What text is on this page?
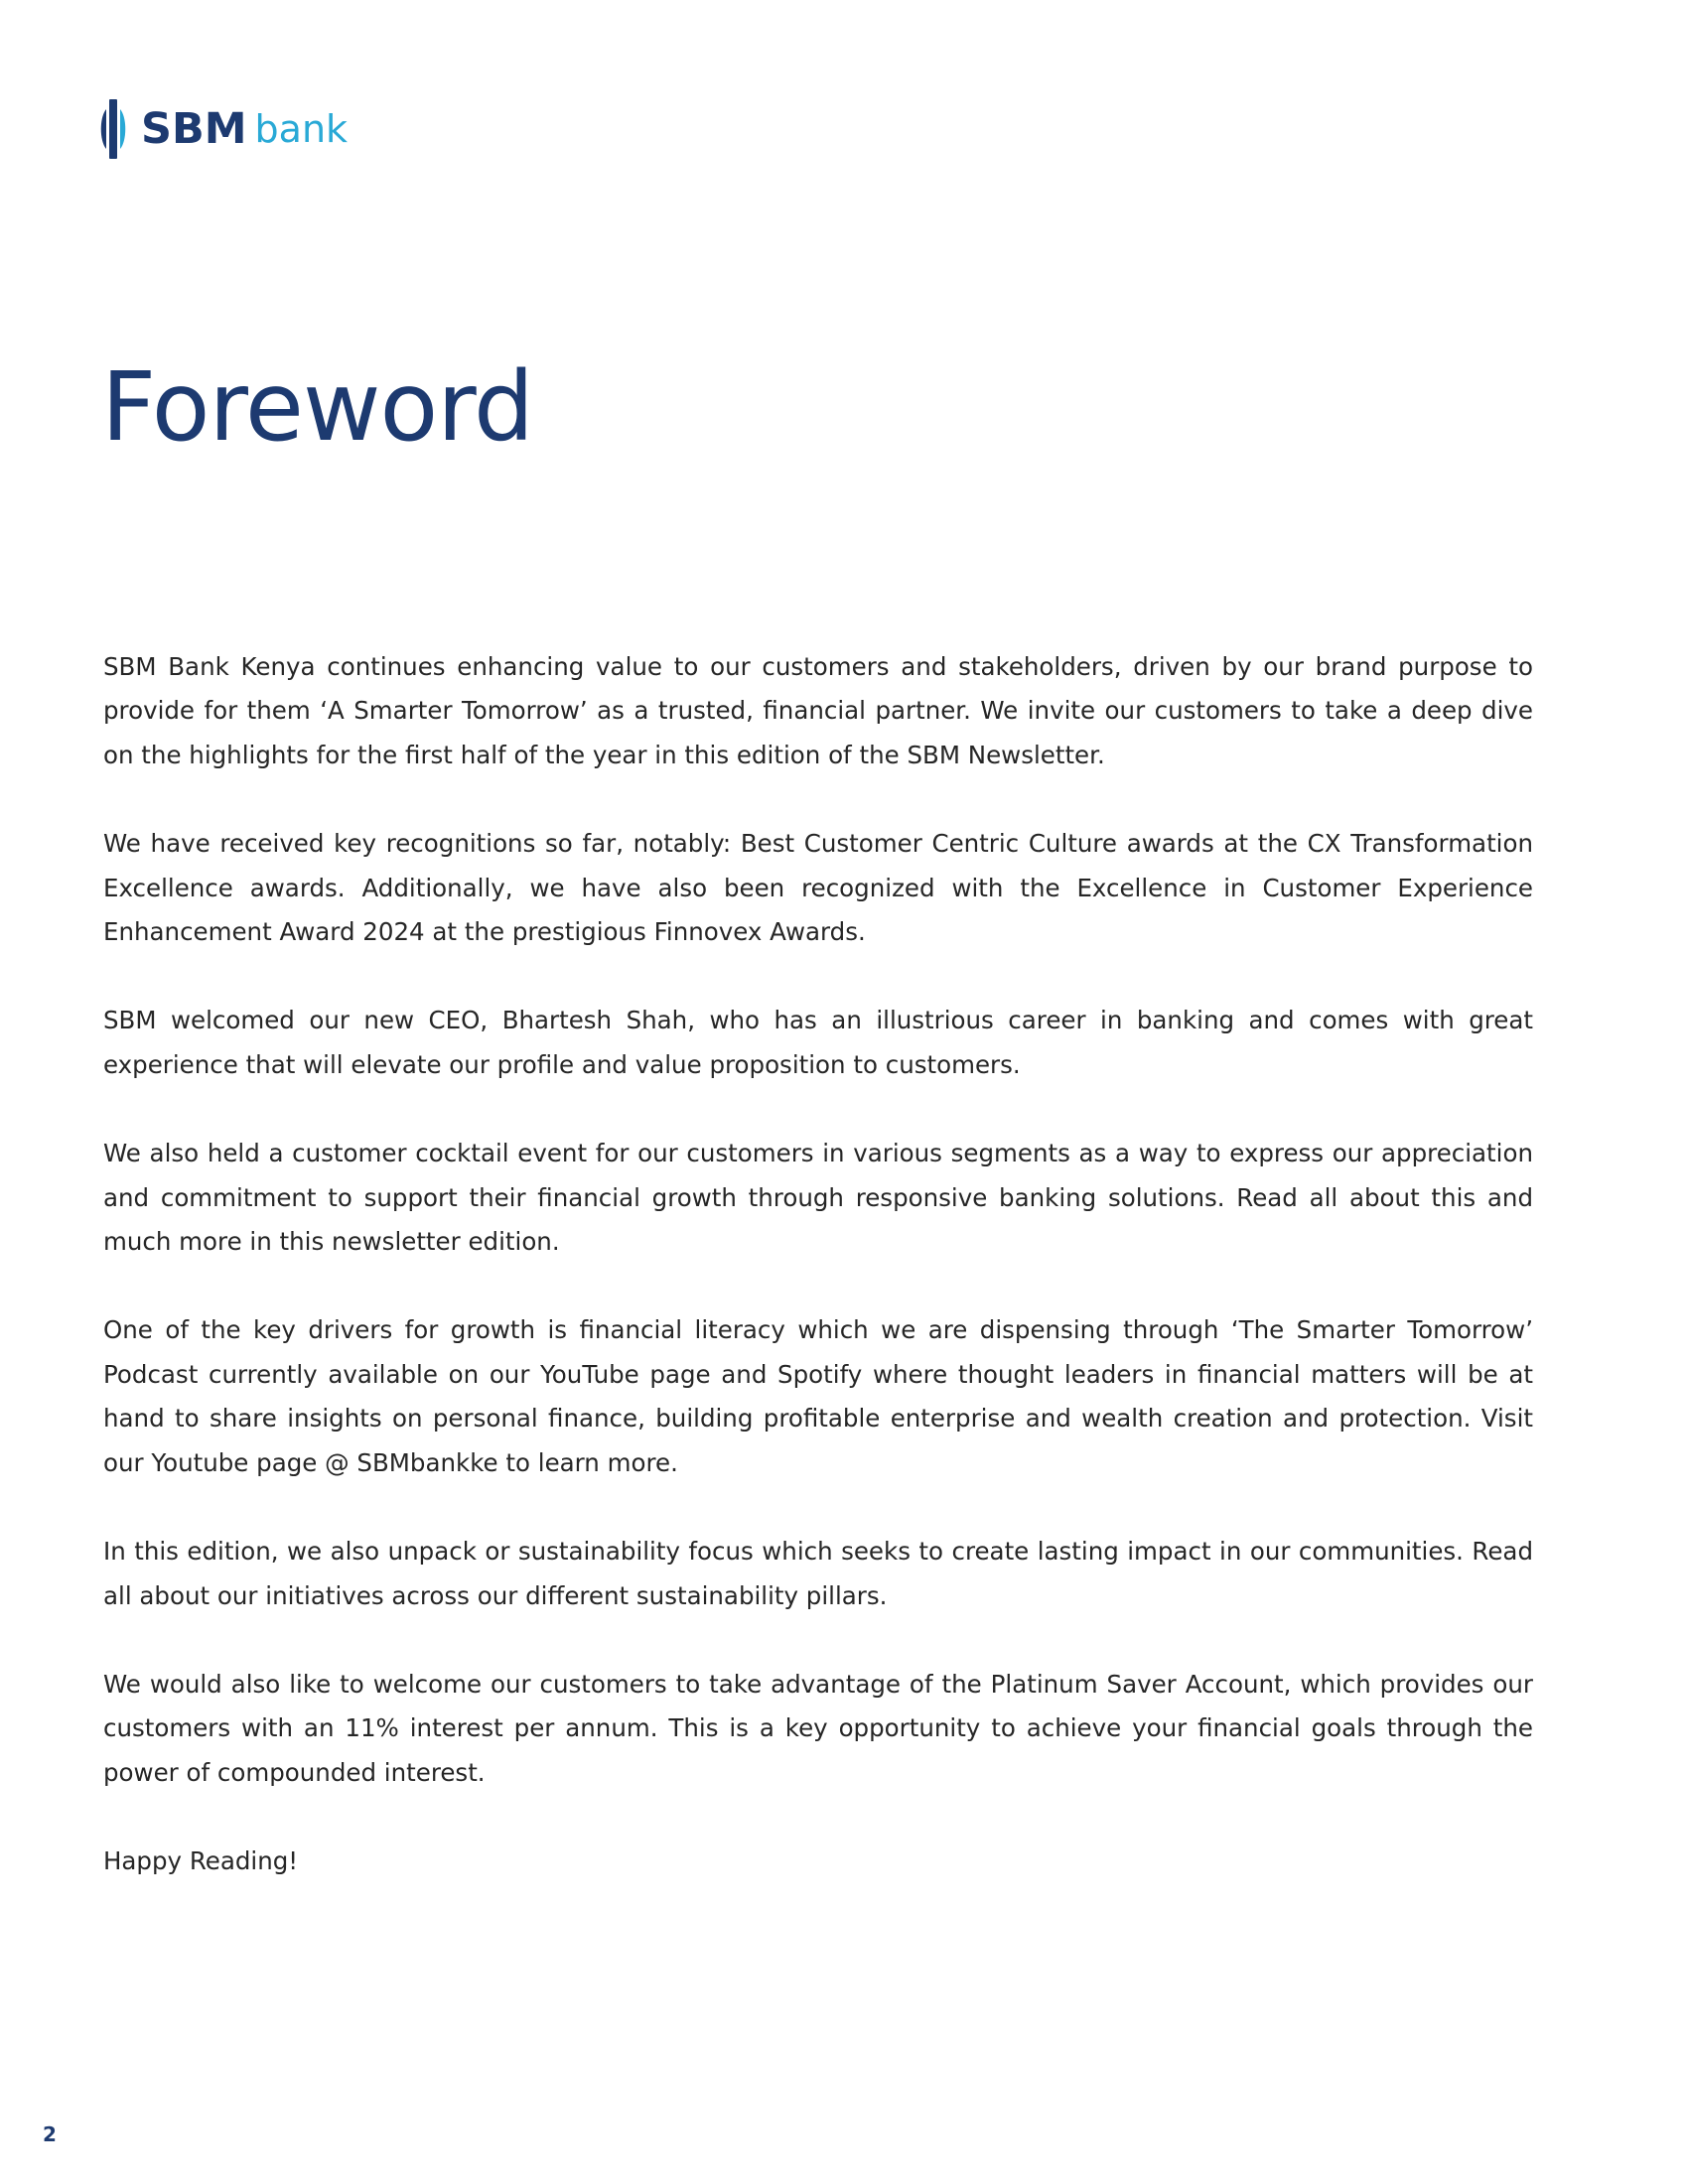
SBM bank
Foreword

SBM Bank Kenya continues enhancing value to our customers and stakeholders, driven by our brand purpose to provide for them ‘A Smarter Tomorrow’ as a trusted, financial partner. We invite our customers to take a deep dive on the highlights for the first half of the year in this edition of the SBM Newsletter.

We have received key recognitions so far, notably: Best Customer Centric Culture awards at the CX Transformation Excellence awards. Additionally, we have also been recognized with the Excellence in Customer Experience Enhancement Award 2024 at the prestigious Finnovex Awards.

SBM welcomed our new CEO, Bhartesh Shah, who has an illustrious career in banking and comes with great experience that will elevate our profile and value proposition to customers.

We also held a customer cocktail event for our customers in various segments as a way to express our appreciation and commitment to support their financial growth through responsive banking solutions. Read all about this and much more in this newsletter edition.

One of the key drivers for growth is financial literacy which we are dispensing through ‘The Smarter Tomorrow’ Podcast currently available on our YouTube page and Spotify where thought leaders in financial matters will be at hand to share insights on personal finance, building profitable enterprise and wealth creation and protection. Visit our Youtube page @ SBMbankke to learn more.

In this edition, we also unpack or sustainability focus which seeks to create lasting impact in our communities. Read all about our initiatives across our different sustainability pillars.

We would also like to welcome our customers to take advantage of the Platinum Saver Account, which provides our customers with an 11% interest per annum. This is a key opportunity to achieve your financial goals through the power of compounded interest.

Happy Reading!

2
